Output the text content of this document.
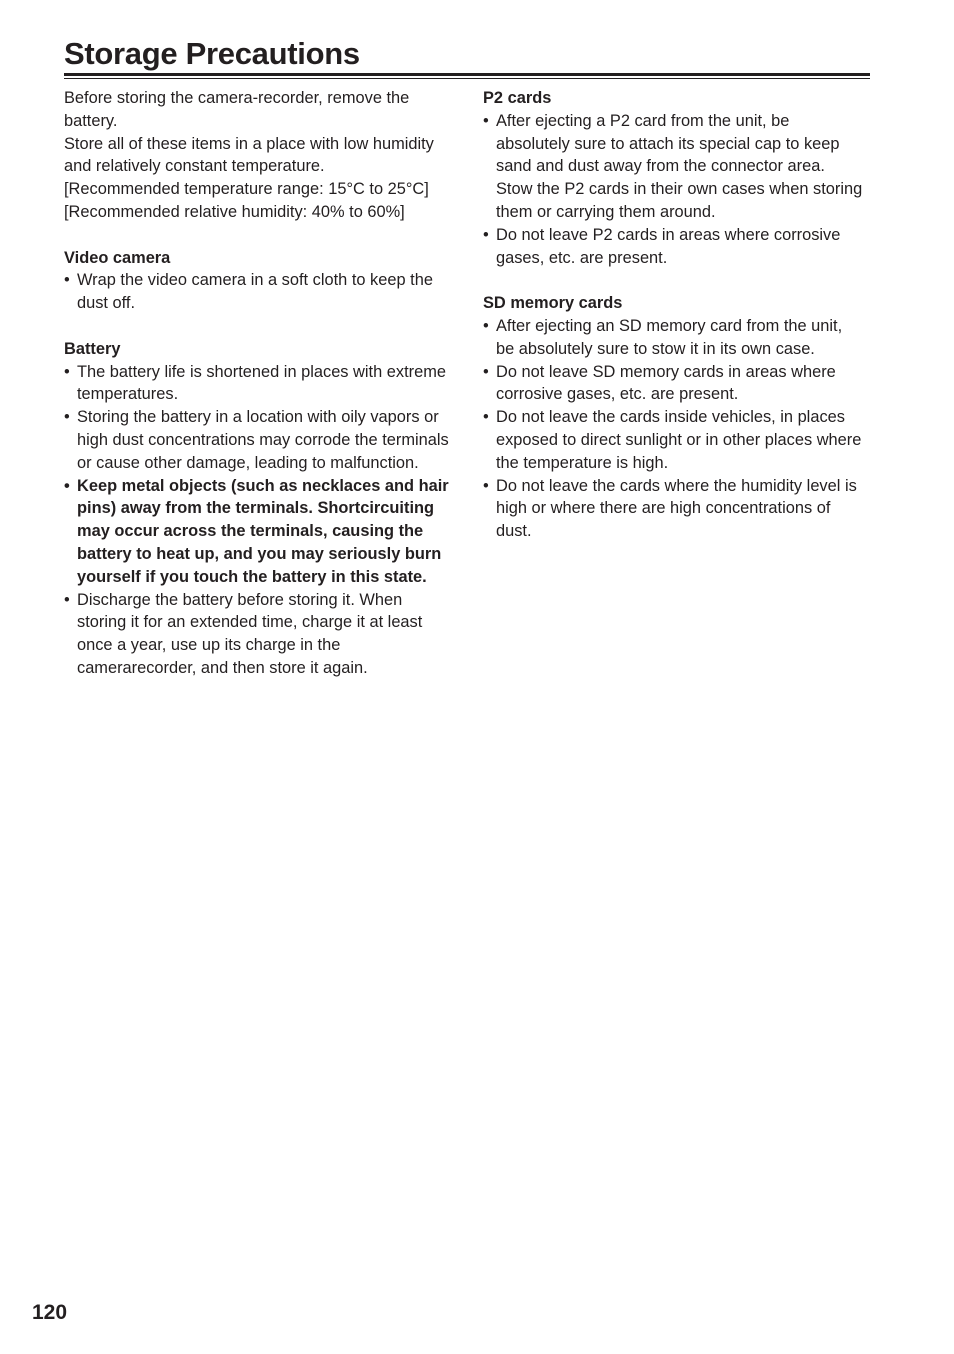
Storage Precautions

Before storing the camera-recorder, remove the battery.

Store all of these items in a place with low humidity and relatively constant temperature.

[Recommended temperature range: 15°C to 25°C]

[Recommended relative humidity: 40% to 60%]

Video camera

• Wrap the video camera in a soft cloth to keep the dust off.

Battery

• The battery life is shortened in places with extreme temperatures.
• Storing the battery in a location with oily vapors or high dust concentrations may corrode the terminals or cause other damage, leading to malfunction.
• Keep metal objects (such as necklaces and hair pins) away from the terminals. Shortcircuiting may occur across the terminals, causing the battery to heat up, and you may seriously burn yourself if you touch the battery in this state.
• Discharge the battery before storing it. When storing it for an extended time, charge it at least once a year, use up its charge in the camerarecorder, and then store it again.

P2 cards

• After ejecting a P2 card from the unit, be absolutely sure to attach its special cap to keep sand and dust away from the connector area. Stow the P2 cards in their own cases when storing them or carrying them around.
• Do not leave P2 cards in areas where corrosive gases, etc. are present.

SD memory cards

• After ejecting an SD memory card from the unit, be absolutely sure to stow it in its own case.
• Do not leave SD memory cards in areas where corrosive gases, etc. are present.
• Do not leave the cards inside vehicles, in places exposed to direct sunlight or in other places where the temperature is high.
• Do not leave the cards where the humidity level is high or where there are high concentrations of dust.
120
